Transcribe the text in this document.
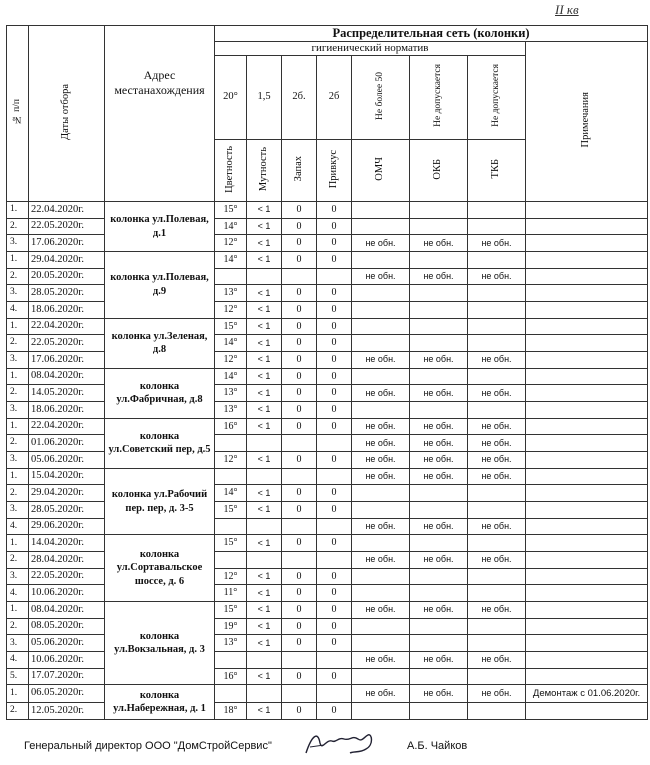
II кв
№ п/п	Даты отбора	Адрес местанахождения	Распределительная сеть (колонки)							
			гигиенический норматив							Примечания
			20°	1,5	2б.	2б	Не более 50	Не допускается	Не допускается	
			Цветность	Мутность	Запах	Привкус	ОМЧ	ОКБ	ТКБ	
1.	22.04.2020г.	колонка ул.Полевая, д.1	15°	< 1	0	0				
2.	22.05.2020г.		14°	< 1	0	0				
3.	17.06.2020г.		12°	< 1	0	0	не обн.	не обн.	не обн.	
1.	29.04.2020г.	колонка ул.Полевая, д.9	14°	< 1	0	0				
2.	20.05.2020г.						не обн.	не обн.	не обн.	
3.	28.05.2020г.		13°	< 1	0	0				
4.	18.06.2020г.		12°	< 1	0	0				
1.	22.04.2020г.	колонка ул.Зеленая, д.8	15°	< 1	0	0				
2.	22.05.2020г.		14°	< 1	0	0				
3.	17.06.2020г.		12°	< 1	0	0	не обн.	не обн.	не обн.	
1.	08.04.2020г.	колонка ул.Фабричная, д.8	14°	< 1	0	0				
2.	14.05.2020г.		13°	< 1	0	0	не обн.	не обн.	не обн.	
3.	18.06.2020г.		13°	< 1	0	0				
1.	22.04.2020г.	колонка ул.Советский пер, д.5	16°	< 1	0	0	не обн.	не обн.	не обн.	
2.	01.06.2020г.						не обн.	не обн.	не обн.	
3.	05.06.2020г.		12°	< 1	0	0	не обн.	не обн.	не обн.	
1.	15.04.2020г.	колонка ул.Рабочий пер. пер, д. 3-5					не обн.	не обн.	не обн.	
2.	29.04.2020г.		14°	< 1	0	0				
3.	28.05.2020г.		15°	< 1	0	0				
4.	29.06.2020г.						не обн.	не обн.	не обн.	
1.	14.04.2020г.	колонка ул.Сортавальское шоссе, д. 6	15°	< 1	0	0				
2.	28.04.2020г.						не обн.	не обн.	не обн.	
3.	22.05.2020г.		12°	< 1	0	0				
4.	10.06.2020г.		11°	< 1	0	0				
1.	08.04.2020г.	колонка ул.Вокзальная, д. 3	15°	< 1	0	0	не обн.	не обн.	не обн.	
2.	08.05.2020г.		19°	< 1	0	0				
3.	05.06.2020г.		13°	< 1	0	0				
4.	10.06.2020г.						не обн.	не обн.	не обн.	
5.	17.07.2020г.		16°	< 1	0	0				
1.	06.05.2020г.	колонка ул.Набережная, д. 1					не обн.	не обн.	не обн.	Демонтаж с 01.06.2020г.
2.	12.05.2020г.		18°	< 1	0	0				
Генеральный директор ООО "ДомСтройСервис"	А.Б. Чайков
